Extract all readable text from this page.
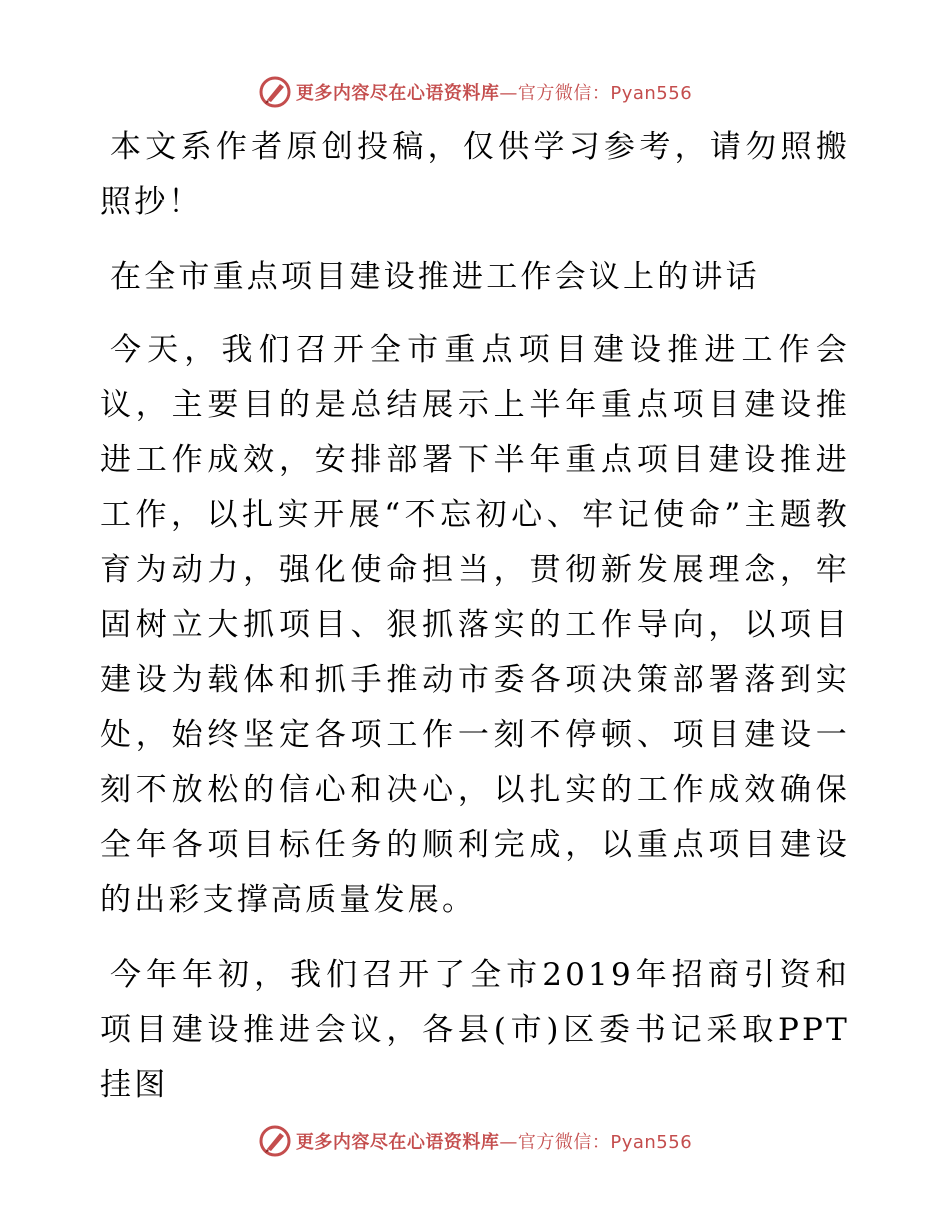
更多内容尽在心语资料库—官方微信：Pyan556

本文系作者原创投稿，仅供学习参考，请勿照搬照抄！

在全市重点项目建设推进工作会议上的讲话

今天，我们召开全市重点项目建设推进工作会议，主要目的是总结展示上半年重点项目建设推进工作成效，安排部署下半年重点项目建设推进工作，以扎实开展“不忘初心、牢记使命”主题教育为动力，强化使命担当，贯彻新发展理念，牢固树立大抓项目、狠抓落实的工作导向，以项目建设为载体和抓手推动市委各项决策部署落到实处，始终坚定各项工作一刻不停顿、项目建设一刻不放松的信心和决心，以扎实的工作成效确保全年各项目标任务的顺利完成，以重点项目建设的出彩支撑高质量发展。

今年年初，我们召开了全市2019年招商引资和项目建设推进会议，各县(市)区委书记采取PPT挂图

更多内容尽在心语资料库—官方微信：Pyan556
